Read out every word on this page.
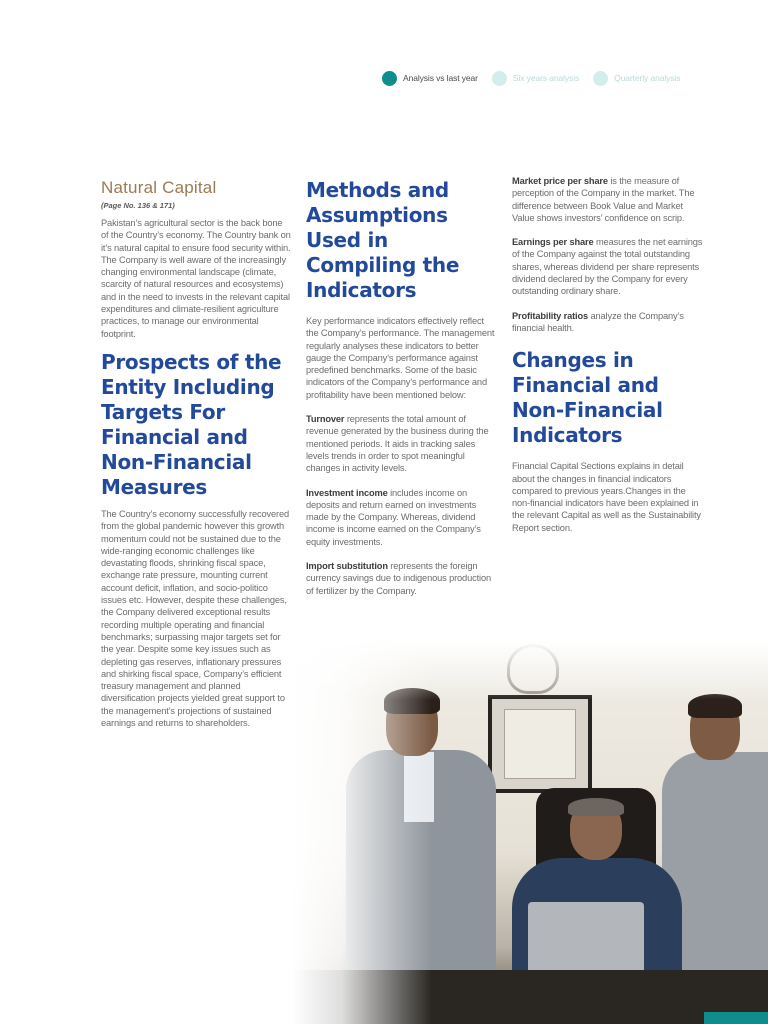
Analysis vs last year	Six years analysis	Quarterly analysis
Natural Capital
(Page No. 136 & 171)

Pakistan’s agricultural sector is the back bone of the Country’s economy. The Country bank on it’s natural capital to ensure food security within. The Company is well aware of the increasingly changing environmental landscape (climate, scarcity of natural resources and ecosystems) and in the need to invests in the relevant capital expenditures and climate-resilient agriculture practices, to manage our environmental footprint.

Prospects of the Entity Including Targets For Financial and Non-Financial Measures

The Country’s economy successfully recovered from the global pandemic however this growth momentum could not be sustained due to the wide-ranging economic challenges like devastating floods, shrinking fiscal space, exchange rate pressure, mounting current account deficit, inflation, and socio-politico issues etc. However, despite these challenges, the Company delivered exceptional results recording multiple operating and financial benchmarks; surpassing major targets set for the year. Despite some key issues such as depleting gas reserves, inflationary pressures and shirking fiscal space, Company’s efficient treasury management and planned diversification projects yielded great support to the management’s projections of sustained earnings and returns to shareholders.

Methods and Assumptions Used in Compiling the Indicators

Key performance indicators effectively reflect the Company’s performance. The management regularly analyses these indicators to better gauge the Company’s performance against predefined benchmarks. Some of the basic indicators of the Company’s performance and profitability have been mentioned below:

Turnover represents the total amount of revenue generated by the business during the mentioned periods. It aids in tracking sales levels trends in order to spot meaningful changes in activity levels.

Investment income includes income on deposits and return earned on investments made by the Company. Whereas, dividend income is income earned on the Company’s equity investments.

Import substitution represents the foreign currency savings due to indigenous production of fertilizer by the Company.

Market price per share is the measure of perception of the Company in the market. The difference between Book Value and Market Value shows investors’ confidence on scrip.

Earnings per share measures the net earnings of the Company against the total outstanding shares, whereas dividend per share represents dividend declared by the Company for every outstanding ordinary share.

Profitability ratios analyze the Company’s financial health.

Changes in Financial and Non-Financial Indicators

Financial Capital Sections explains in detail about the changes in financial indicators compared to previous years.Changes in the non-financial indicators have been explained in the relevant Capital as well as the Sustainability Report section.
